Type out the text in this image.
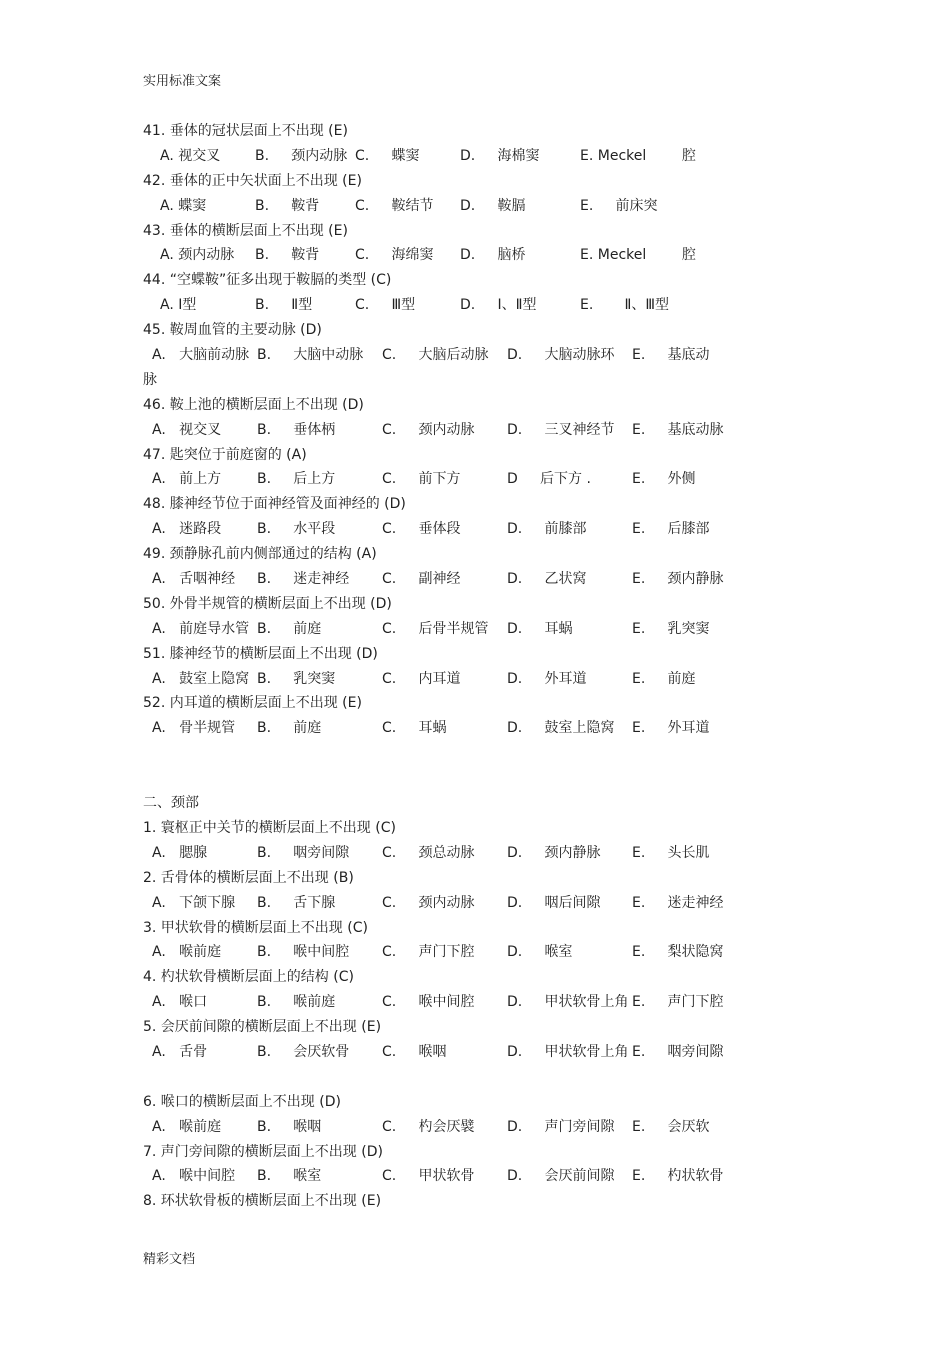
实用标准文案
41. 垂体的冠状层面上不出现 (E)
A. 视交叉 B.     颈内动脉 C.     蝶窦	D.     海棉窦	E. Meckel        腔
42. 垂体的正中矢状面上不出现 (E)
A. 蝶窦	B.     鞍背	C.     鞍结节 D.     鞍膈	E.     前床突
43. 垂体的横断层面上不出现 (E)
A. 颈内动脉 B.     鞍背	C.     海绵窦 D.     脑桥	E. Meckel        腔
44. “空蝶鞍”征多出现于鞍膈的类型 (C)
A. Ⅰ型	B.     Ⅱ型	C.     Ⅲ型	D.     Ⅰ、Ⅱ型	E.       Ⅱ、Ⅲ型
45. 鞍周血管的主要动脉 (D)
A.   大脑前动脉 B.     大脑中动脉 C.     大脑后动脉 D.     大脑动脉环 E.     基底动
脉
46. 鞍上池的横断层面上不出现 (D)
A.   视交叉	B.     垂体柄	C.     颈内动脉 D.     三叉神经节 E.     基底动脉
47. 匙突位于前庭窗的 (A)
A.   前上方	B.     后上方	C.     前下方	D     后下方 .	E.     外侧
48. 膝神经节位于面神经管及面神经的 (D)
A.   迷路段	B.     水平段	C.     垂体段	D.     前膝部	E.     后膝部
49. 颈静脉孔前内侧部通过的结构 (A)
A.   舌咽神经 B.     迷走神经 C.     副神经	D.     乙状窝	E.     颈内静脉
50. 外骨半规管的横断层面上不出现 (D)
A.   前庭导水管 B.     前庭	C.     后骨半规管 D.     耳蜗	E.     乳突窦
51. 膝神经节的横断层面上不出现 (D)
A.   鼓室上隐窝 B.     乳突窦	C.     内耳道	D.     外耳道	E.     前庭
52. 内耳道的横断层面上不出现 (E)
A.   骨半规管 B.     前庭	C.     耳蜗	D.     鼓室上隐窝 E.     外耳道
二、颈部
1. 寰枢正中关节的横断层面上不出现 (C)
A.   腮腺	B.     咽旁间隙 C.     颈总动脉 D.     颈内静脉 E.     头长肌
2. 舌骨体的横断层面上不出现 (B)
A.   下颌下腺 B.     舌下腺	C.     颈内动脉 D.     咽后间隙 E.     迷走神经
3. 甲状软骨的横断层面上不出现 (C)
A.   喉前庭	B.     喉中间腔 C.     声门下腔 D.     喉室	E.     梨状隐窝
4. 杓状软骨横断层面上的结构 (C)
A.   喉口	B.     喉前庭	C.     喉中间腔 D.     甲状软骨上角 E.     声门下腔
5. 会厌前间隙的横断层面上不出现 (E)
A.   舌骨	B.     会厌软骨 C.     喉咽	D.     甲状软骨上角 E.     咽旁间隙
6. 喉口的横断层面上不出现 (D)
A.   喉前庭	B.     喉咽	C.     杓会厌襞 D.     声门旁间隙 E.     会厌软
7. 声门旁间隙的横断层面上不出现 (D)
A.   喉中间腔 B.     喉室	C.     甲状软骨 D.     会厌前间隙 E.     杓状软骨
8. 环状软骨板的横断层面上不出现 (E)
精彩文档
